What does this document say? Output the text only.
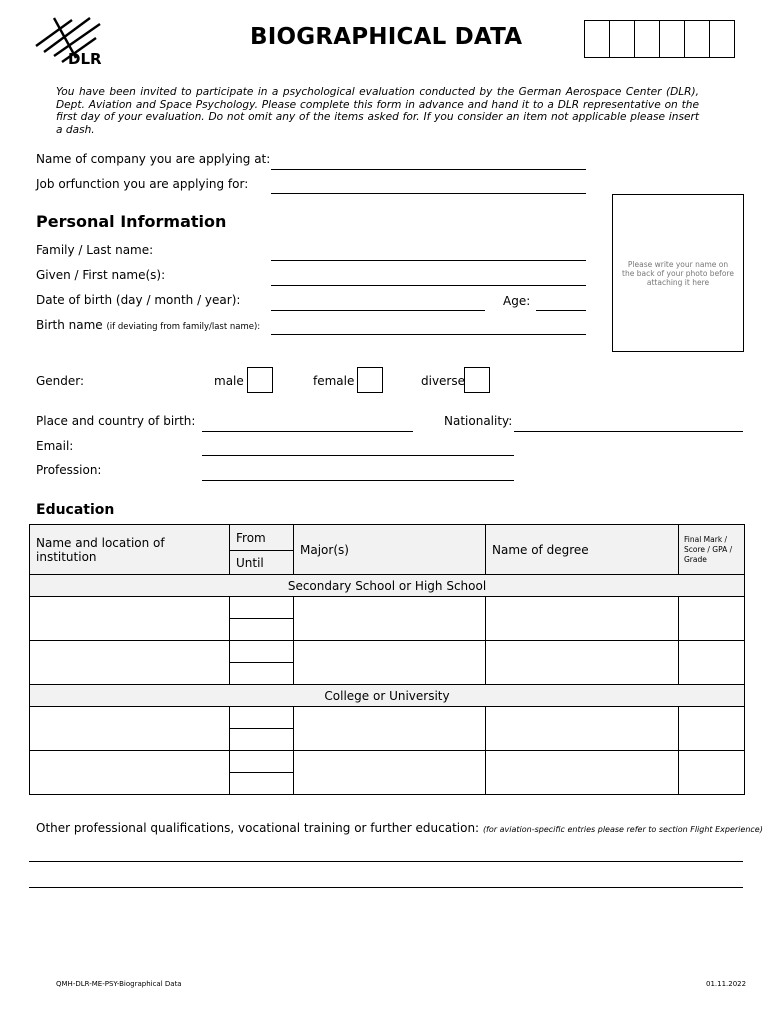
DLR
BIOGRAPHICAL DATA
You have been invited to participate in a psychological evaluation conducted by the German Aerospace Center (DLR), Dept. Aviation and Space Psychology. Please complete this form in advance and hand it to a DLR representative on the first day of your evaluation. Do not omit any of the items asked for. If you consider an item not applicable please insert a dash.
Name of company you are applying at:
Job orfunction you are applying for:
Personal Information
Please write your name on the back of your photo before attaching it here
Family / Last name:
Given / First name(s):
Date of birth (day / month / year):	Age:
Birth name (if deviating from family/last name):
Gender:	male	female	diverse
Place and country of birth:	Nationality:
Email:
Profession:
Education
Name and location of institution	From	Major(s)	Name of degree	Final Mark / Score / GPA / Grade
	Until			
Secondary School or High School				

College or University				

Other professional qualifications, vocational training or further education: (for aviation-specific entries please refer to section Flight Experience)
QMH-DLR-ME-PSY-Biographical Data	01.11.2022
